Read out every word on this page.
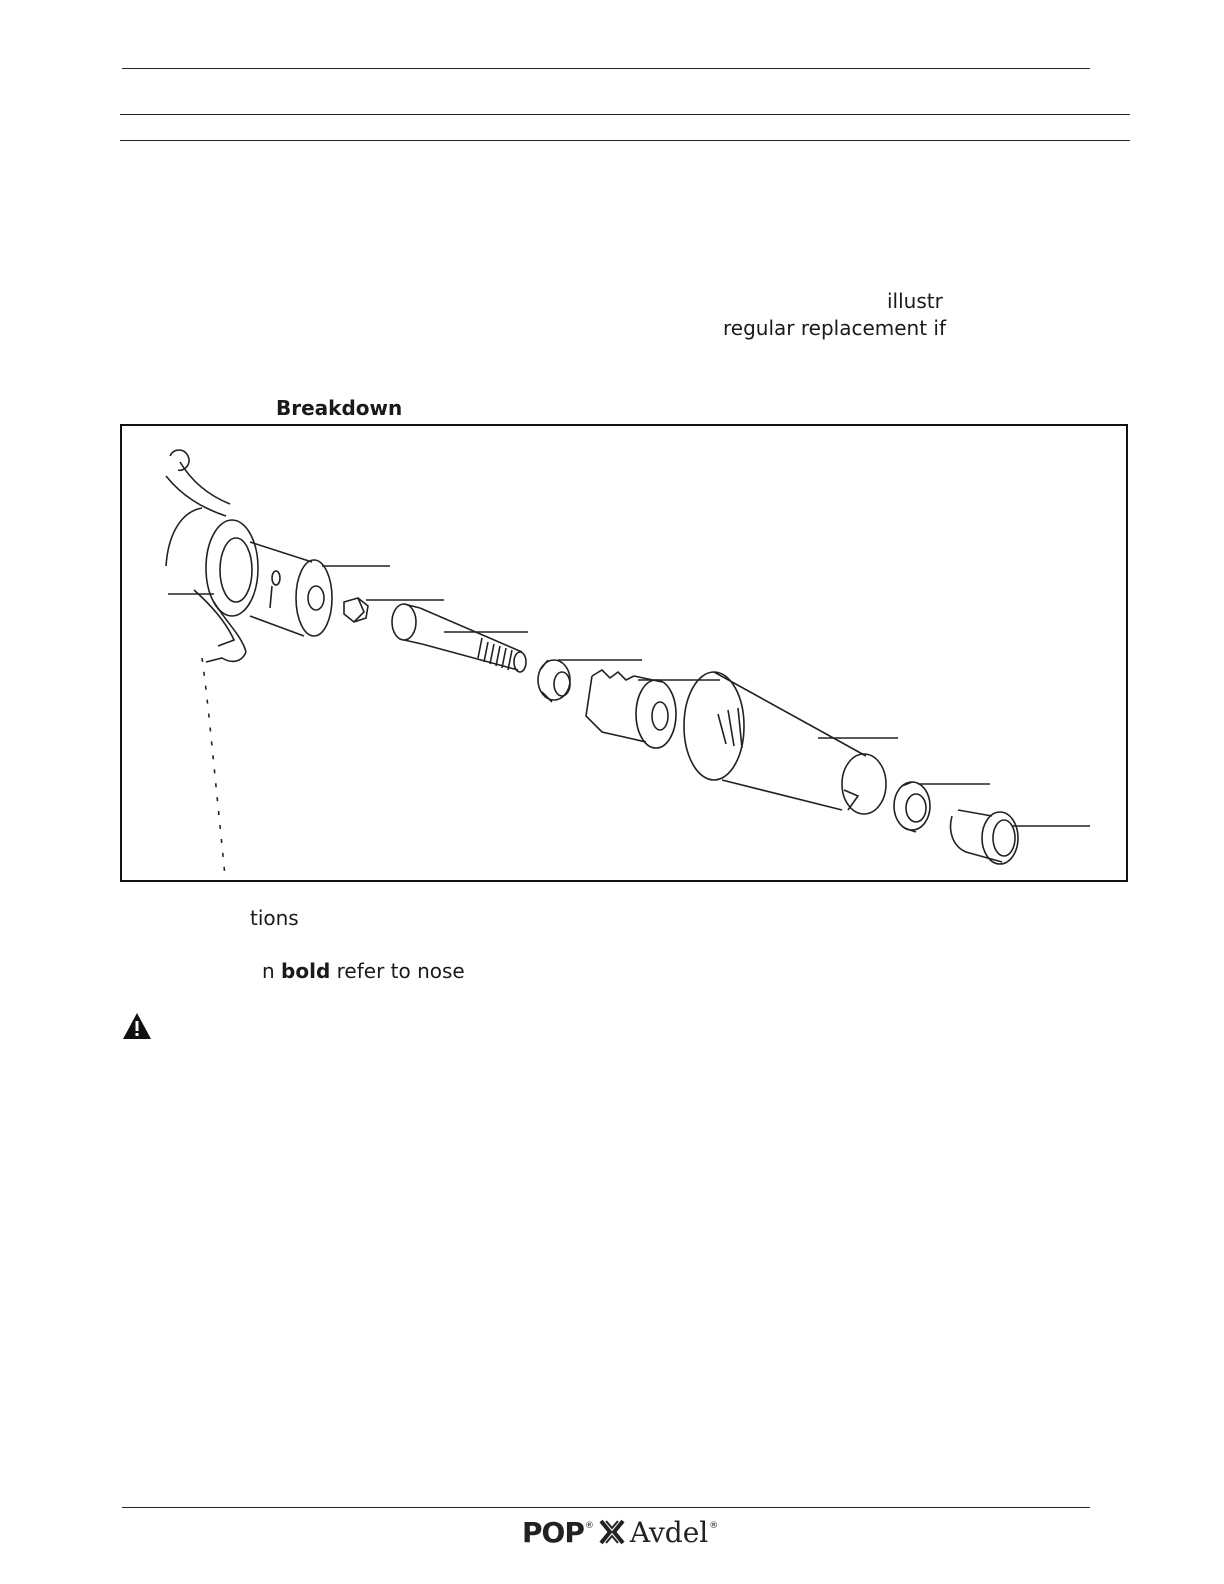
illustr
regular replacement if
Breakdown
tions
n bold refer to nose
POP ® Avdel ®
